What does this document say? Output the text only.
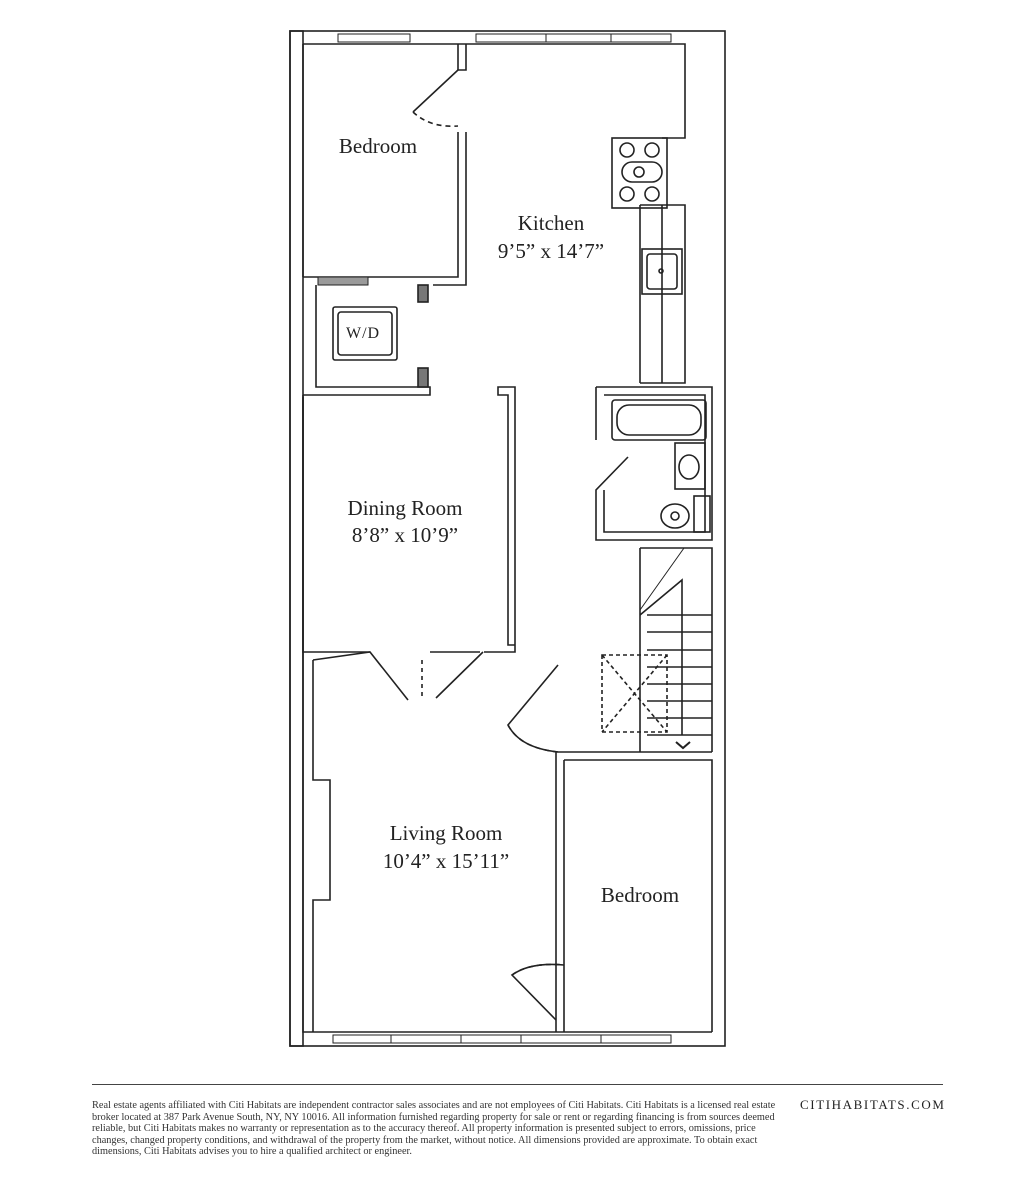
W/D
Bedroom
Kitchen
9’5” x 14’7”
Dining Room
8’8” x 10’9”
Living Room
10’4” x 15’11”
Bedroom
Real estate agents affiliated with Citi Habitats are independent contractor sales associates and are not employees of Citi Habitats. Citi Habitats is a licensed real estate broker located at 387 Park Avenue South, NY, NY 10016. All information furnished regarding property for sale or rent or regarding financing is from sources deemed reliable, but Citi Habitats makes no warranty or representation as to the accuracy thereof. All property information is presented subject to errors, omissions, price changes, changed property conditions, and withdrawal of the property from the market, without notice. All dimensions provided are approximate. To obtain exact dimensions, Citi Habitats advises you to hire a qualified architect or engineer.
CITIHABITATS.COM
